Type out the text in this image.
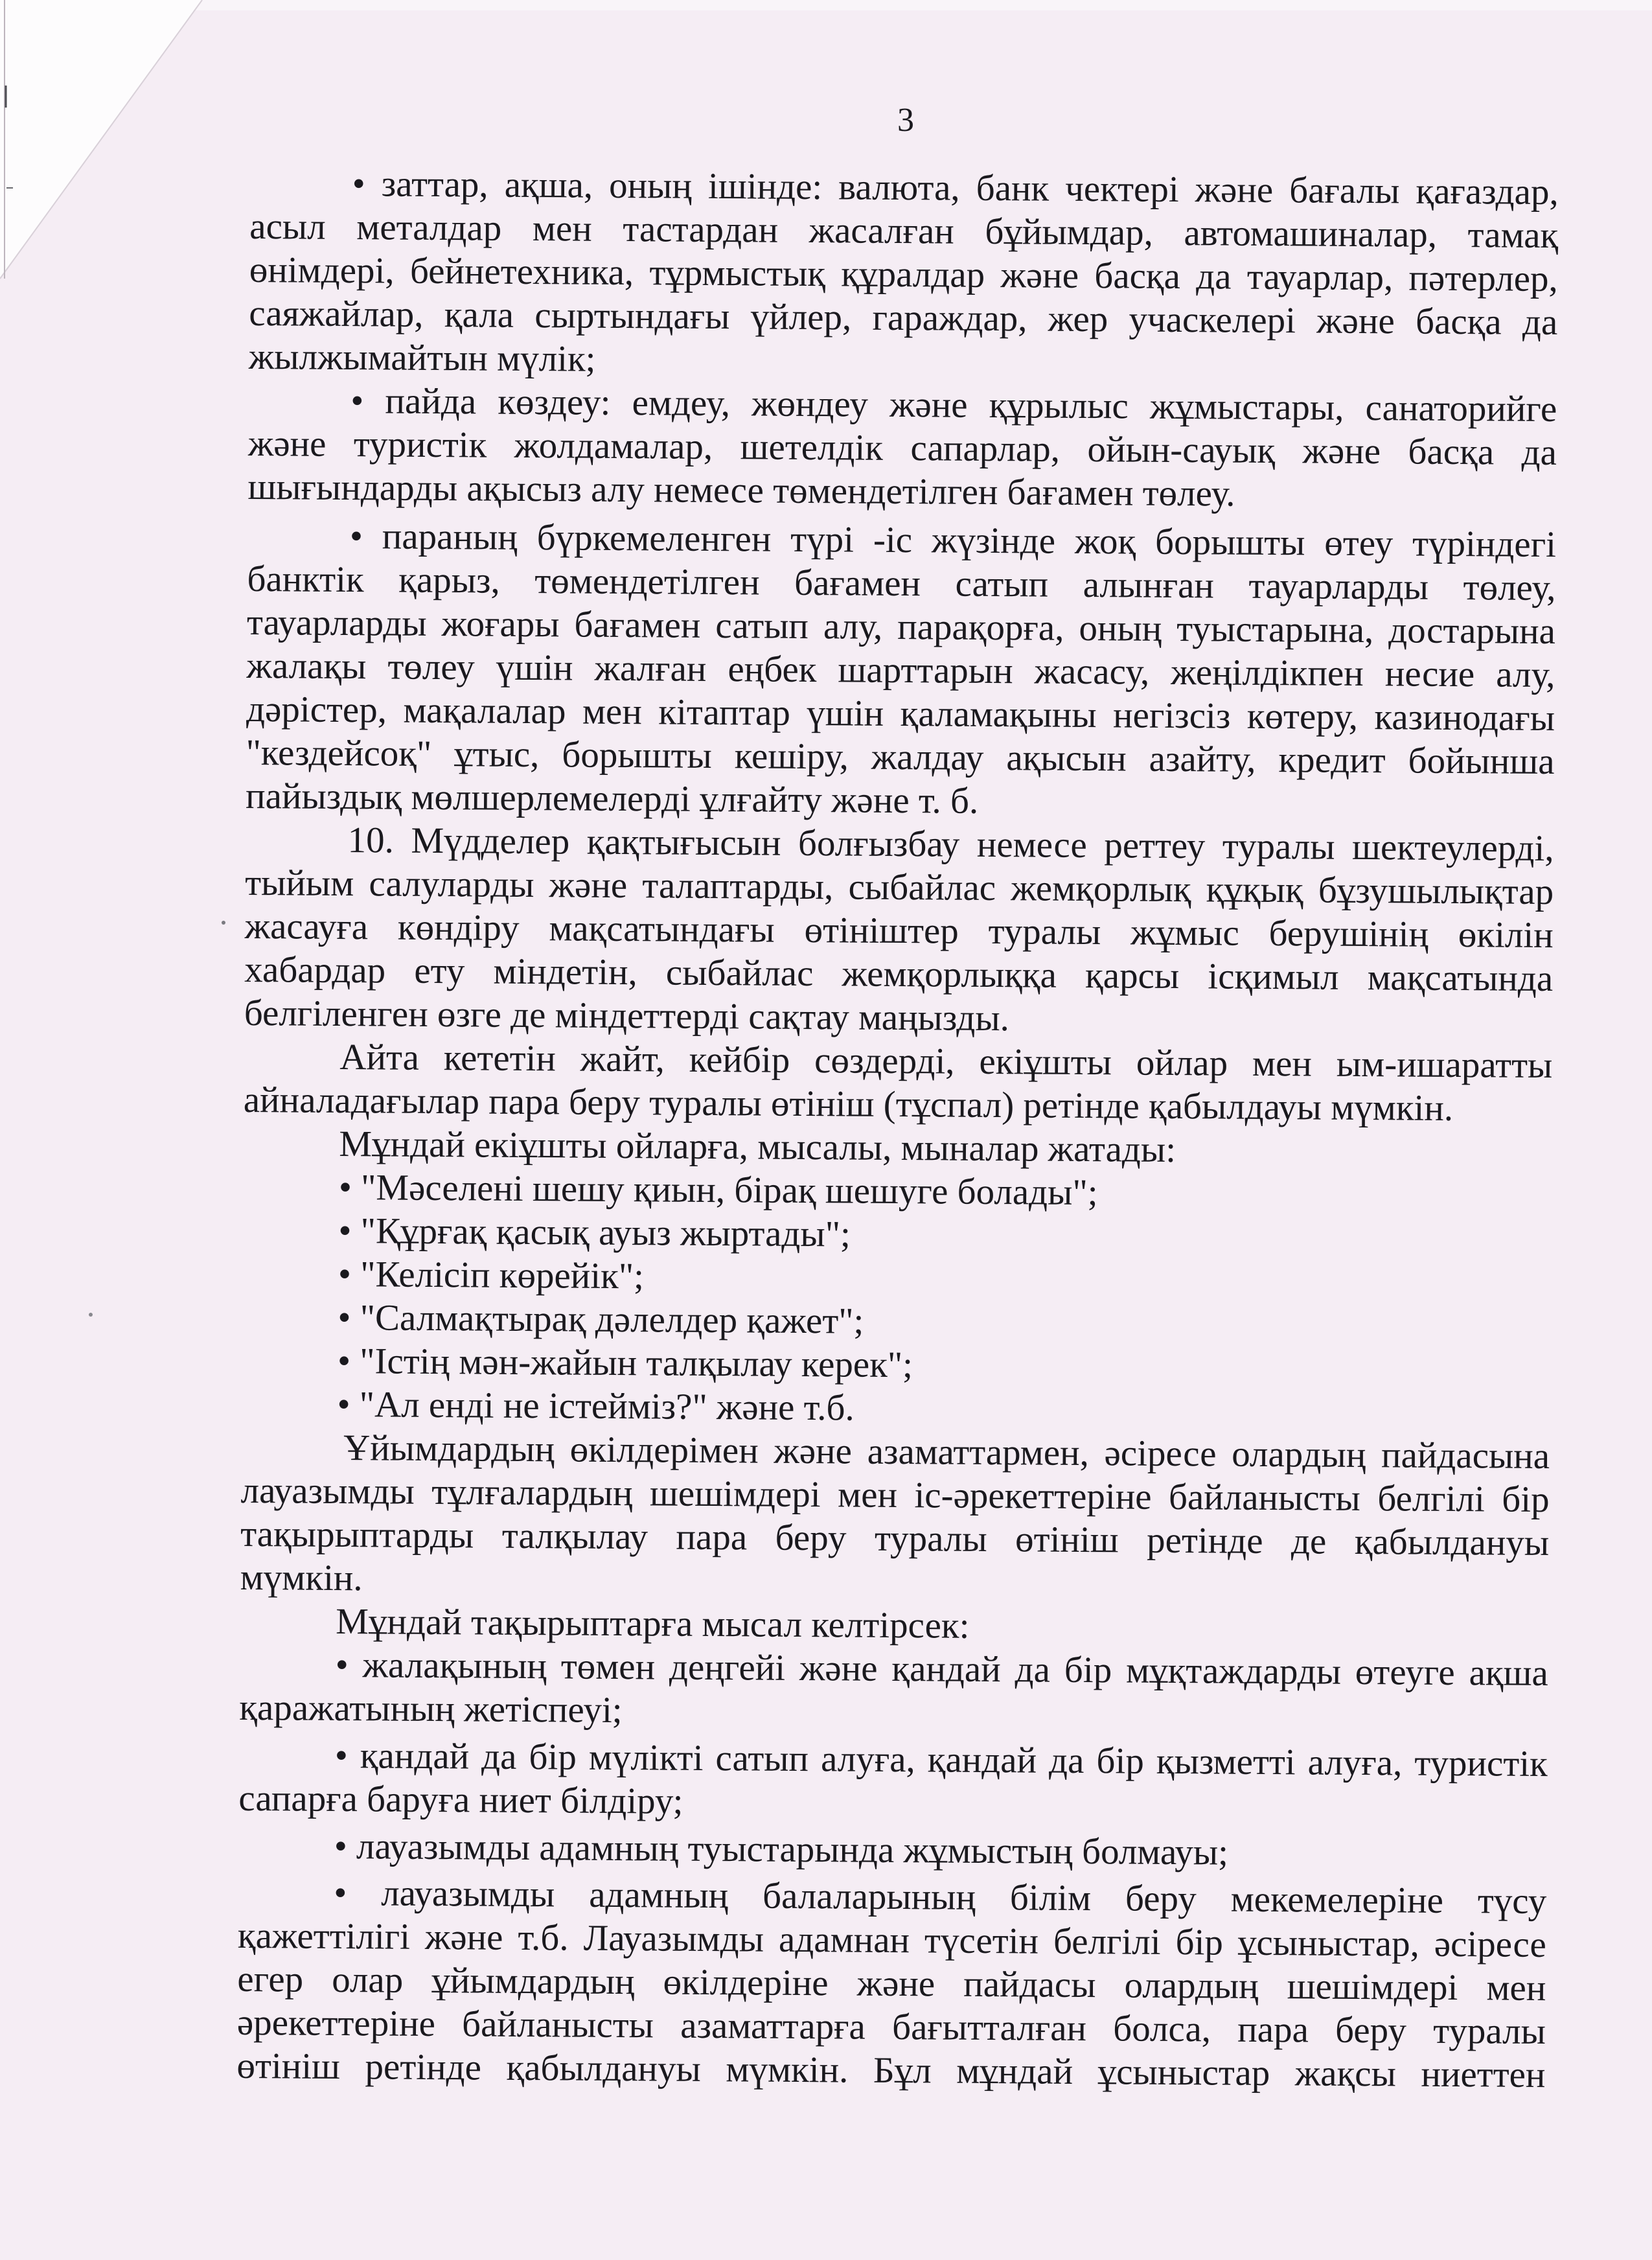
3
• заттар, ақша, оның ішінде: валюта, банк чектері және бағалы қағаздар,
асыл металдар мен тастардан жасалған бұйымдар, автомашиналар, тамақ
өнімдері, бейнетехника, тұрмыстық құралдар және басқа да тауарлар, пәтерлер,
саяжайлар, қала сыртындағы үйлер, гараждар, жер учаскелері және басқа да
жылжымайтын мүлік;
• пайда көздеу: емдеу, жөндеу және құрылыс жұмыстары, санаторийге
және туристік жолдамалар, шетелдік сапарлар, ойын-сауық және басқа да
шығындарды ақысыз алу немесе төмендетілген бағамен төлеу.
• параның бүркемеленген түрі -іс жүзінде жоқ борышты өтеу түріндегі
банктік қарыз, төмендетілген бағамен сатып алынған тауарларды төлеу,
тауарларды жоғары бағамен сатып алу, парақорға, оның туыстарына, достарына
жалақы төлеу үшін жалған еңбек шарттарын жасасу, жеңілдікпен несие алу,
дәрістер, мақалалар мен кітаптар үшін қаламақыны негізсіз көтеру, казинодағы
"кездейсоқ" ұтыс, борышты кешіру, жалдау ақысын азайту, кредит бойынша
пайыздық мөлшерлемелерді ұлғайту және т. б.
10. Мүдделер қақтығысын болғызбау немесе реттеу туралы шектеулерді,
тыйым салуларды және талаптарды, сыбайлас жемқорлық құқық бұзушылықтар
жасауға көндіру мақсатындағы өтініштер туралы жұмыс берушінің өкілін
хабардар ету міндетін, сыбайлас жемқорлыққа қарсы ісқимыл мақсатында
белгіленген өзге де міндеттерді сақтау маңызды.
Айта кететін жайт, кейбір сөздерді, екіұшты ойлар мен ым-ишаратты
айналадағылар пара беру туралы өтініш (тұспал) ретінде қабылдауы мүмкін.
Мұндай екіұшты ойларға, мысалы, мыналар жатады:
• "Мәселені шешу қиын, бірақ шешуге болады";
• "Құрғақ қасық ауыз жыртады";
• "Келісіп көрейік";
• "Салмақтырақ дәлелдер қажет";
• "Істің мән-жайын талқылау керек";
• "Ал енді не істейміз?" және т.б.
Ұйымдардың өкілдерімен және азаматтармен, әсіресе олардың пайдасына
лауазымды тұлғалардың шешімдері мен іс-әрекеттеріне байланысты белгілі бір
тақырыптарды талқылау пара беру туралы өтініш ретінде де қабылдануы
мүмкін.
Мұндай тақырыптарға мысал келтірсек:
• жалақының төмен деңгейі және қандай да бір мұқтаждарды өтеуге ақша
қаражатының жетіспеуі;
• қандай да бір мүлікті сатып алуға, қандай да бір қызметті алуға, туристік
сапарға баруға ниет білдіру;
• лауазымды адамның туыстарында жұмыстың болмауы;
• лауазымды адамның балаларының білім беру мекемелеріне түсу
қажеттілігі және т.б. Лауазымды адамнан түсетін белгілі бір ұсыныстар, әсіресе
егер олар ұйымдардың өкілдеріне және пайдасы олардың шешімдері мен
әрекеттеріне байланысты азаматтарға бағытталған болса, пара беру туралы
өтініш ретінде қабылдануы мүмкін. Бұл мұндай ұсыныстар жақсы ниеттен
